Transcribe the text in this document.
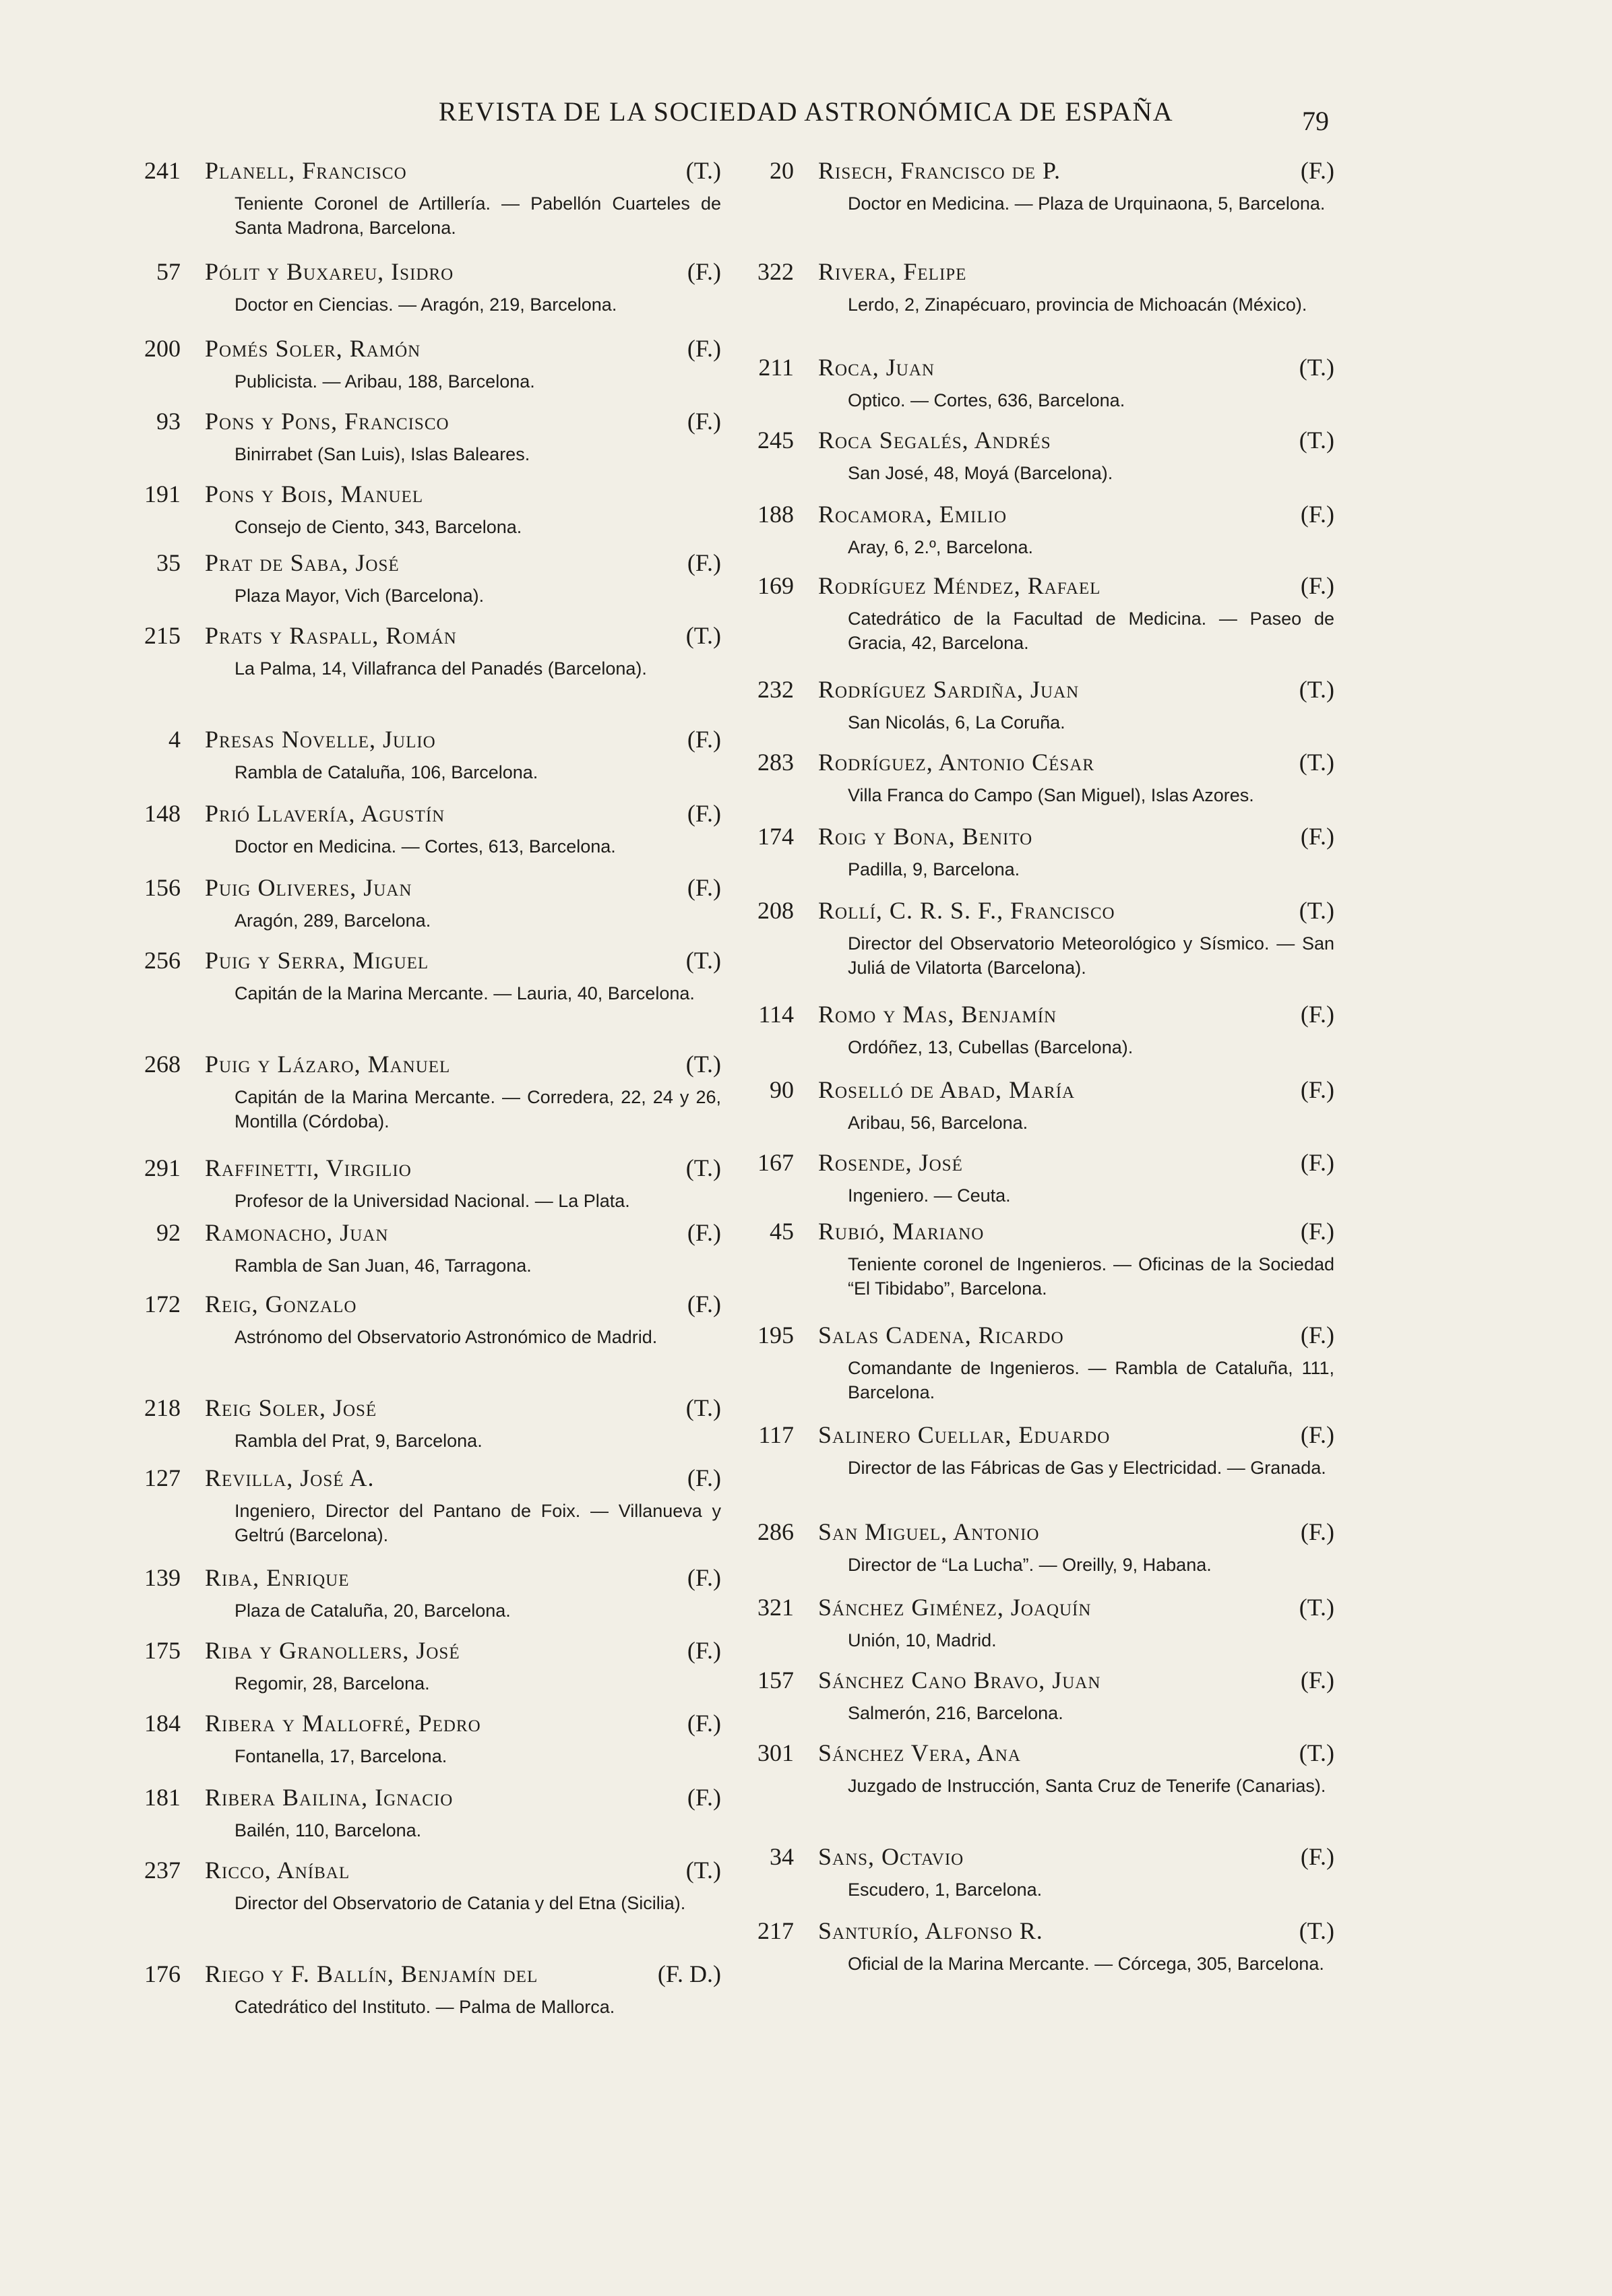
REVISTA DE LA SOCIEDAD ASTRONÓMICA DE ESPAÑA	79
241 Planell, Francisco	(T.)
Teniente Coronel de Artillería. — Pabellón Cuarteles de Santa Madrona, Barcelona.
57 Pólit y Buxareu, Isidro	(F.)
Doctor en Ciencias. — Aragón, 219, Barcelona.
200 Pomés Soler, Ramón	(F.)
Publicista. — Aribau, 188, Barcelona.
93 Pons y Pons, Francisco	(F.)
Binirrabet (San Luis), Islas Baleares.
191 Pons y Bois, Manuel
Consejo de Ciento, 343, Barcelona.
35 Prat de Saba, José	(F.)
Plaza Mayor, Vich (Barcelona).
215 Prats y Raspall, Román	(T.)
La Palma, 14, Villafranca del Panadés (Barcelona).
4 Presas Novelle, Julio	(F.)
Rambla de Cataluña, 106, Barcelona.
148 Prió Llavería, Agustín	(F.)
Doctor en Medicina. — Cortes, 613, Barcelona.
156 Puig Oliveres, Juan	(F.)
Aragón, 289, Barcelona.
256 Puig y Serra, Miguel	(T.)
Capitán de la Marina Mercante. — Lauria, 40, Barcelona.
268 Puig y Lázaro, Manuel	(T.)
Capitán de la Marina Mercante. — Corredera, 22, 24 y 26, Montilla (Córdoba).
291 Raffinetti, Virgilio	(T.)
Profesor de la Universidad Nacional. — La Plata.
92 Ramonacho, Juan	(F.)
Rambla de San Juan, 46, Tarragona.
172 Reig, Gonzalo	(F.)
Astrónomo del Observatorio Astronómico de Madrid.
218 Reig Soler, José	(T.)
Rambla del Prat, 9, Barcelona.
127 Revilla, José A.	(F.)
Ingeniero, Director del Pantano de Foix. — Villanueva y Geltrú (Barcelona).
139 Riba, Enrique	(F.)
Plaza de Cataluña, 20, Barcelona.
175 Riba y Granollers, José	(F.)
Regomir, 28, Barcelona.
184 Ribera y Mallofré, Pedro	(F.)
Fontanella, 17, Barcelona.
181 Ribera Bailina, Ignacio	(F.)
Bailén, 110, Barcelona.
237 Ricco, Aníbal	(T.)
Director del Observatorio de Catania y del Etna (Sicilia).
176 Riego y F. Ballín, Benjamín del	(F. D.)
Catedrático del Instituto. — Palma de Mallorca.
20 Risech, Francisco de P.	(F.)
Doctor en Medicina. — Plaza de Urquinaona, 5, Barcelona.
322 Rivera, Felipe
Lerdo, 2, Zinapécuaro, provincia de Michoacán (México).
211 Roca, Juan	(T.)
Optico. — Cortes, 636, Barcelona.
245 Roca Segalés, Andrés	(T.)
San José, 48, Moyá (Barcelona).
188 Rocamora, Emilio	(F.)
Aray, 6, 2.º, Barcelona.
169 Rodríguez Méndez, Rafael	(F.)
Catedrático de la Facultad de Medicina. — Paseo de Gracia, 42, Barcelona.
232 Rodríguez Sardiña, Juan	(T.)
San Nicolás, 6, La Coruña.
283 Rodríguez, Antonio César	(T.)
Villa Franca do Campo (San Miguel), Islas Azores.
174 Roig y Bona, Benito	(F.)
Padilla, 9, Barcelona.
208 Rollí, C. R. S. F., Francisco	(T.)
Director del Observatorio Meteorológico y Sísmico. — San Juliá de Vilatorta (Barcelona).
114 Romo y Mas, Benjamín	(F.)
Ordóñez, 13, Cubellas (Barcelona).
90 Roselló de Abad, María	(F.)
Aribau, 56, Barcelona.
167 Rosende, José	(F.)
Ingeniero. — Ceuta.
45 Rubió, Mariano	(F.)
Teniente coronel de Ingenieros. — Oficinas de la Sociedad “El Tibidabo”, Barcelona.
195 Salas Cadena, Ricardo	(F.)
Comandante de Ingenieros. — Rambla de Cataluña, 111, Barcelona.
117 Salinero Cuellar, Eduardo	(F.)
Director de las Fábricas de Gas y Electricidad. — Granada.
286 San Miguel, Antonio	(F.)
Director de “La Lucha”. — Oreilly, 9, Habana.
321 Sánchez Giménez, Joaquín	(T.)
Unión, 10, Madrid.
157 Sánchez Cano Bravo, Juan	(F.)
Salmerón, 216, Barcelona.
301 Sánchez Vera, Ana	(T.)
Juzgado de Instrucción, Santa Cruz de Tenerife (Canarias).
34 Sans, Octavio	(F.)
Escudero, 1, Barcelona.
217 Santurío, Alfonso R.	(T.)
Oficial de la Marina Mercante. — Córcega, 305, Barcelona.
